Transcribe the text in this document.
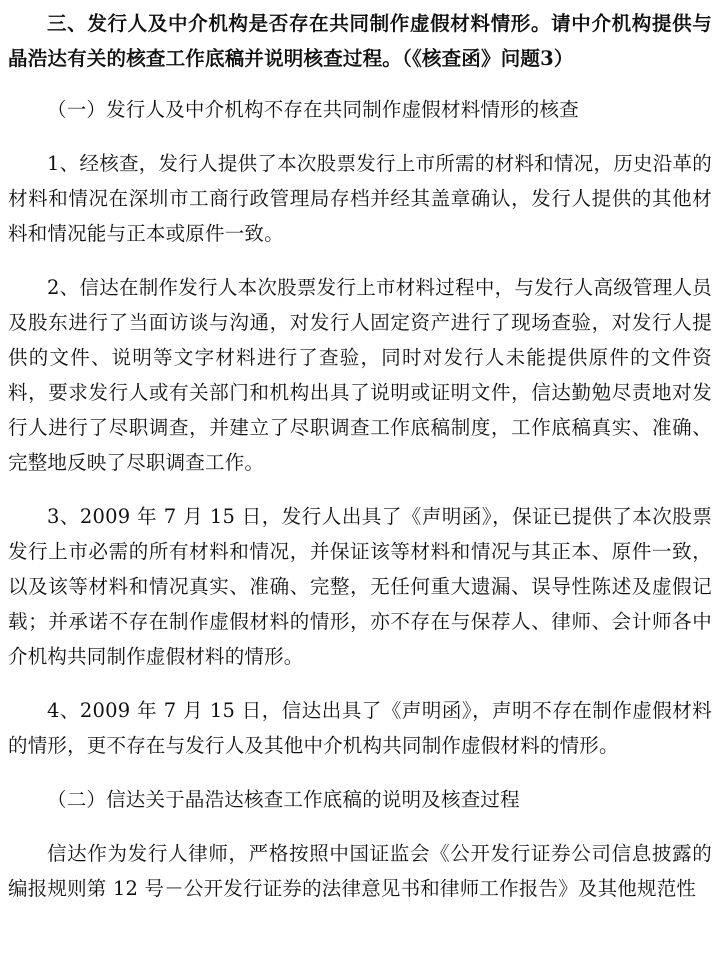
三、发行人及中介机构是否存在共同制作虚假材料情形。请中介机构提供与晶浩达有关的核查工作底稿并说明核查过程。（《核查函》问题3）

（一）发行人及中介机构不存在共同制作虚假材料情形的核查

1、经核查，发行人提供了本次股票发行上市所需的材料和情况，历史沿革的材料和情况在深圳市工商行政管理局存档并经其盖章确认，发行人提供的其他材料和情况能与正本或原件一致。

2、信达在制作发行人本次股票发行上市材料过程中，与发行人高级管理人员及股东进行了当面访谈与沟通，对发行人固定资产进行了现场查验，对发行人提供的文件、说明等文字材料进行了查验，同时对发行人未能提供原件的文件资料，要求发行人或有关部门和机构出具了说明或证明文件，信达勤勉尽责地对发行人进行了尽职调查，并建立了尽职调查工作底稿制度，工作底稿真实、准确、完整地反映了尽职调查工作。

3、2009 年 7 月 15 日，发行人出具了《声明函》，保证已提供了本次股票发行上市必需的所有材料和情况，并保证该等材料和情况与其正本、原件一致，以及该等材料和情况真实、准确、完整，无任何重大遗漏、误导性陈述及虚假记载；并承诺不存在制作虚假材料的情形，亦不存在与保荐人、律师、会计师各中介机构共同制作虚假材料的情形。

4、2009 年 7 月 15 日，信达出具了《声明函》，声明不存在制作虚假材料的情形，更不存在与发行人及其他中介机构共同制作虚假材料的情形。

（二）信达关于晶浩达核查工作底稿的说明及核查过程

信达作为发行人律师，严格按照中国证监会《公开发行证券公司信息披露的编报规则第 12 号－公开发行证券的法律意见书和律师工作报告》及其他规范性
